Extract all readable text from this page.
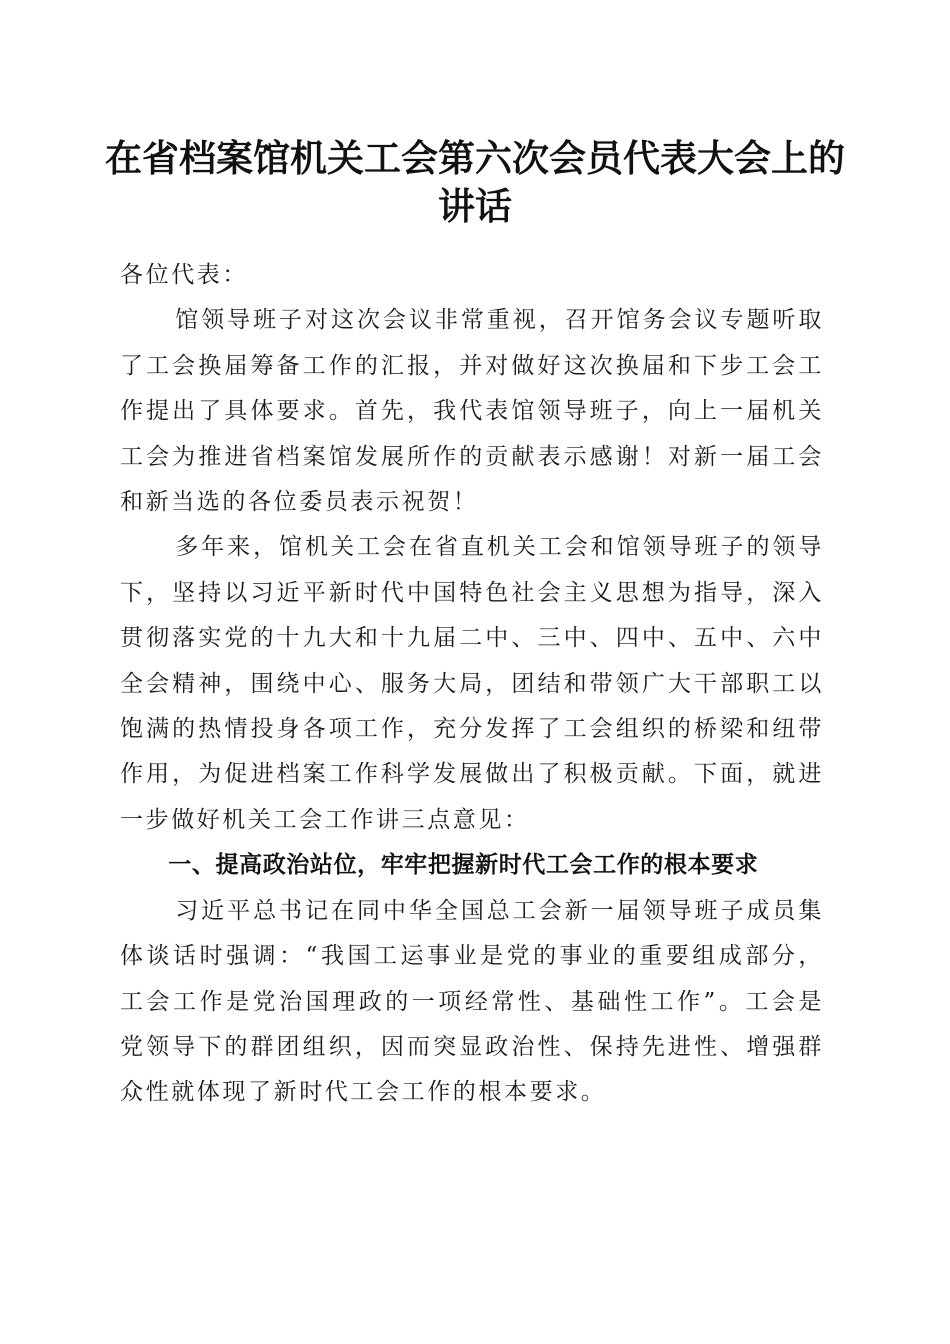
在省档案馆机关工会第六次会员代表大会上的
讲话

各位代表：

馆领导班子对这次会议非常重视，召开馆务会议专题听取了工会换届筹备工作的汇报，并对做好这次换届和下步工会工作提出了具体要求。首先，我代表馆领导班子，向上一届机关工会为推进省档案馆发展所作的贡献表示感谢！对新一届工会和新当选的各位委员表示祝贺！

多年来，馆机关工会在省直机关工会和馆领导班子的领导下，坚持以习近平新时代中国特色社会主义思想为指导，深入贯彻落实党的十九大和十九届二中、三中、四中、五中、六中全会精神，围绕中心、服务大局，团结和带领广大干部职工以饱满的热情投身各项工作，充分发挥了工会组织的桥梁和纽带作用，为促进档案工作科学发展做出了积极贡献。下面，就进一步做好机关工会工作讲三点意见：

一、提高政治站位，牢牢把握新时代工会工作的根本要求

习近平总书记在同中华全国总工会新一届领导班子成员集体谈话时强调：“我国工运事业是党的事业的重要组成部分，工会工作是党治国理政的一项经常性、基础性工作”。工会是党领导下的群团组织，因而突显政治性、保持先进性、增强群众性就体现了新时代工会工作的根本要求。
